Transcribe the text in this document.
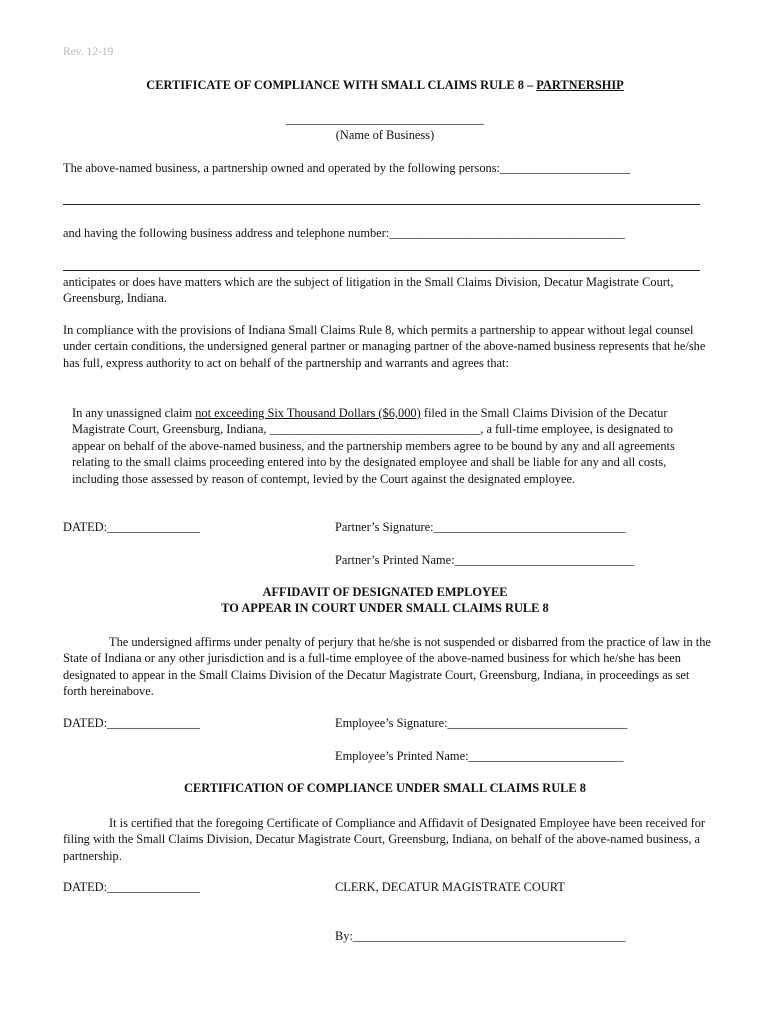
Rev. 12-19
CERTIFICATE OF COMPLIANCE WITH SMALL CLAIMS RULE 8 – PARTNERSHIP
________________________________
(Name of Business)
The above-named business, a partnership owned and operated by the following persons:_____________________
and having the following business address and telephone number:______________________________________
anticipates or does have matters which are the subject of litigation in the Small Claims Division, Decatur Magistrate Court, Greensburg, Indiana.
In compliance with the provisions of Indiana Small Claims Rule 8, which permits a partnership to appear without legal counsel under certain conditions, the undersigned general partner or managing partner of the above-named business represents that he/she has full, express authority to act on behalf of the partnership and warrants and agrees that:
In any unassigned claim not exceeding Six Thousand Dollars ($6,000) filed in the Small Claims Division of the Decatur Magistrate Court, Greensburg, Indiana, __________________________________, a full-time employee, is designated to appear on behalf of the above-named business, and the partnership members agree to be bound by any and all agreements relating to the small claims proceeding entered into by the designated employee and shall be liable for any and all costs, including those assessed by reason of contempt, levied by the Court against the designated employee.
DATED:_______________	Partner’s Signature:_______________________________
Partner’s Printed Name:_____________________________
AFFIDAVIT OF DESIGNATED EMPLOYEE
TO APPEAR IN COURT UNDER SMALL CLAIMS RULE 8
The undersigned affirms under penalty of perjury that he/she is not suspended or disbarred from the practice of law in the State of Indiana or any other jurisdiction and is a full-time employee of the above-named business for which he/she has been designated to appear in the Small Claims Division of the Decatur Magistrate Court, Greensburg, Indiana, in proceedings as set forth hereinabove.
DATED:_______________	Employee’s Signature:_____________________________
Employee’s Printed Name:_________________________
CERTIFICATION OF COMPLIANCE UNDER SMALL CLAIMS RULE 8
It is certified that the foregoing Certificate of Compliance and Affidavit of Designated Employee have been received for filing with the Small Claims Division, Decatur Magistrate Court, Greensburg, Indiana, on behalf of the above-named business, a partnership.
DATED:_______________	CLERK, DECATUR MAGISTRATE COURT
By:____________________________________________
